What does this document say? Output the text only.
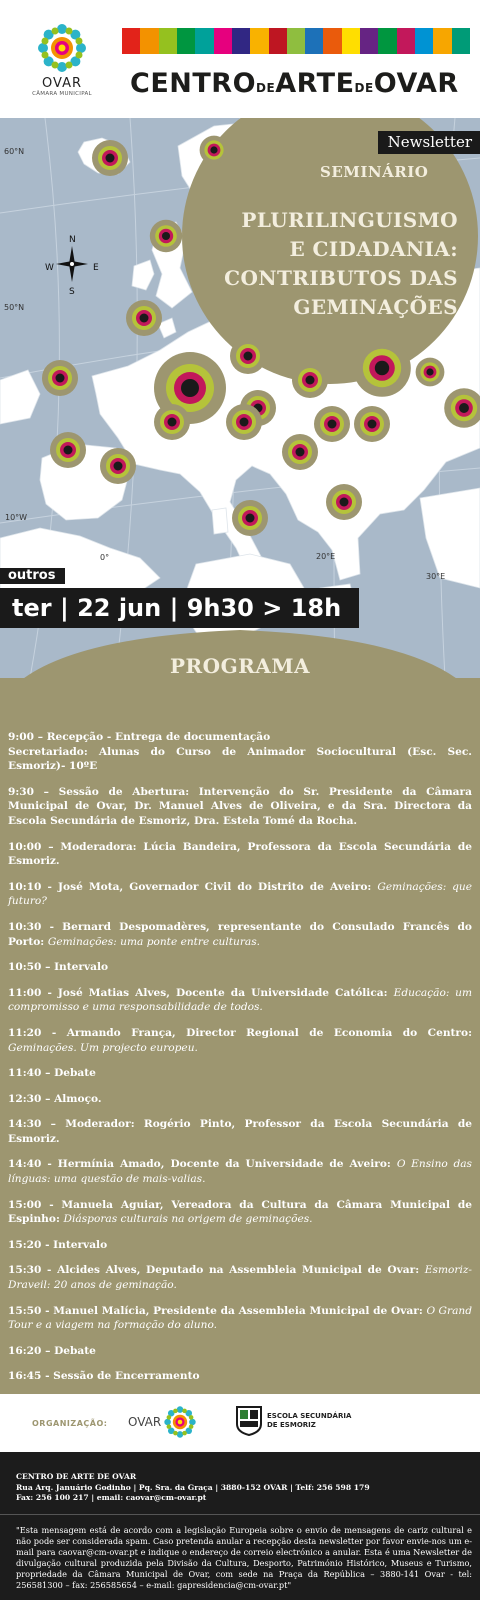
OVAR
CÂMARA MUNICIPAL	CENTRODEARTEDEOVAR
N
S
E
W
10°W
0°	20°E
30°E
50°N
60°N
Newsletter
SEMINÁRIO
PLURILINGUISMO
E CIDADANIA:
CONTRIBUTOS DAS
GEMINAÇÕES
outros
ter | 22 jun | 9h30 > 18h
PROGRAMA
9:00 – Recepção - Entrega de documentação
Secretariado: Alunas do Curso de Animador Sociocultural (Esc. Sec. Esmoriz)- 10ºE
9:30 – Sessão de Abertura: Intervenção do Sr. Presidente da Câmara Municipal de Ovar, Dr. Manuel Alves de Oliveira, e da Sra. Directora da Escola Secundária de Esmoriz, Dra. Estela Tomé da Rocha.
10:00 – Moderadora: Lúcia Bandeira, Professora da Escola Secundária de Esmoriz.
10:10 - José Mota, Governador Civil do Distrito de Aveiro: Geminações: que futuro?
10:30 - Bernard Despomadères, representante do Consulado Francês do Porto: Geminações: uma ponte entre culturas.
10:50 – Intervalo
11:00 - José Matias Alves, Docente da Universidade Católica: Educação: um compromisso e uma responsabilidade de todos.
11:20 - Armando França, Director Regional de Economia do Centro: Geminações. Um projecto europeu.
11:40 – Debate
12:30 – Almoço.
14:30 – Moderador: Rogério Pinto, Professor da Escola Secundária de Esmoriz.
14:40 - Hermínia Amado, Docente da Universidade de Aveiro: O Ensino das línguas: uma questão de mais-valias.
15:00 - Manuela Aguiar, Vereadora da Cultura da Câmara Municipal de Espinho: Diásporas culturais na origem de geminações.
15:20 - Intervalo
15:30 - Alcides Alves, Deputado na Assembleia Municipal de Ovar: Esmoriz-Draveil: 20 anos de geminação.
15:50 - Manuel Malícia, Presidente da Assembleia Municipal de Ovar: O Grand Tour e a viagem na formação do aluno.
16:20 – Debate
16:45 - Sessão de Encerramento
ORGANIZAÇÃO: OVAR	ESCOLA SECUNDÁRIA
DE ESMORIZ
CENTRO DE ARTE DE OVAR
Rua Arq. Januário Godinho | Pq. Sra. da Graça | 3880-152 OVAR | Telf: 256 598 179
Fax: 256 100 217 | email: caovar@cm-ovar.pt
"Esta mensagem está de acordo com a legislação Europeia sobre o envio de mensagens de cariz cultural e não pode ser considerada spam. Caso pretenda anular a recepção desta newsletter por favor envie-nos um e-mail para caovar@cm-ovar.pt e indique o endereço de correio electrónico a anular. Esta é uma Newsletter de divulgação cultural produzida pela Divisão da Cultura, Desporto, Património Histórico, Museus e Turismo, propriedade da Câmara Municipal de Ovar, com sede na Praça da República – 3880-141 Ovar - tel: 256581300 – fax: 256585654 – e-mail: gapresidencia@cm-ovar.pt"
